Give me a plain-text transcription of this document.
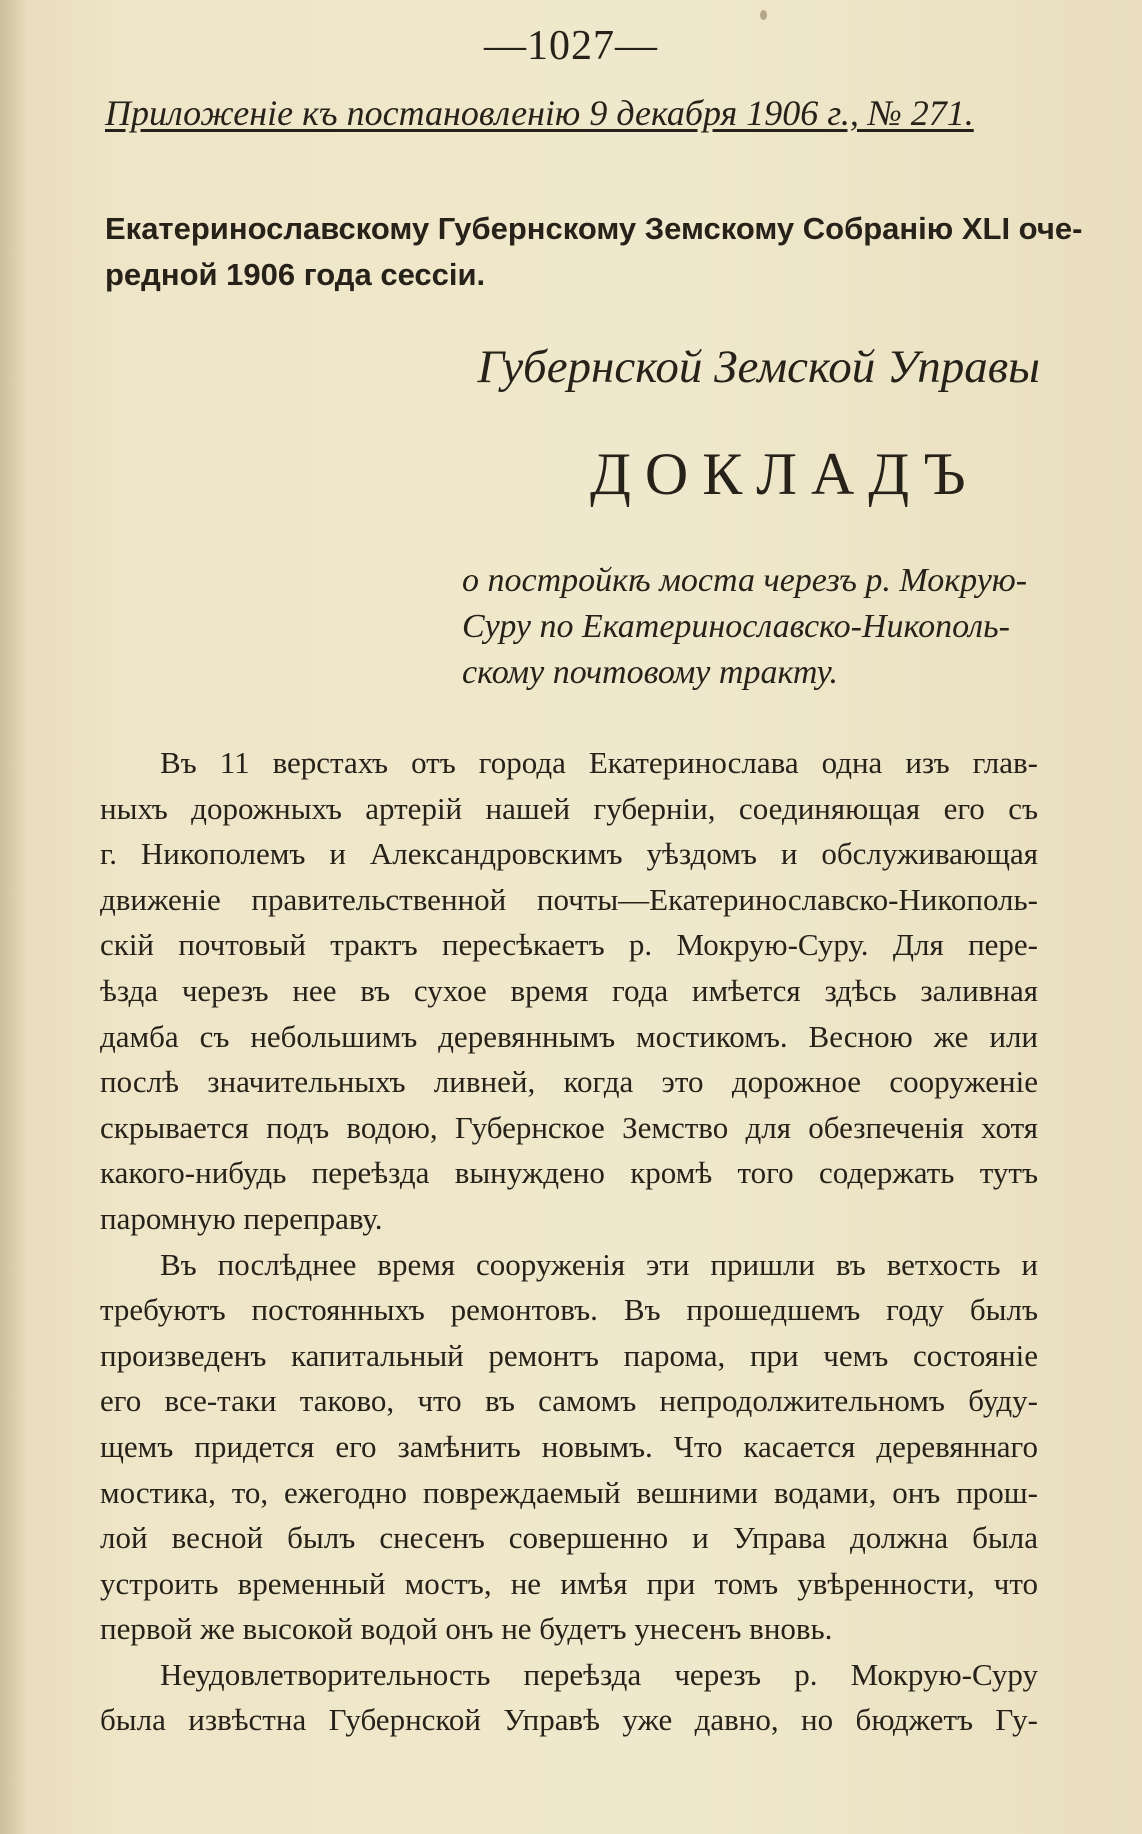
—1027—
Приложеніе къ постановленію 9 декабря 1906 г., № 271.
Екатеринославскому Губернскому Земскому Собранію XLI оче-
редной 1906 года сессіи.
Губернской Земской Управы
ДОКЛАДЪ
о постройкѣ моста черезъ р. Мокрую-
Суру по Екатеринославско-Никополь-
скому почтовому тракту.
Въ 11 верстахъ отъ города Екатеринослава одна изъ глав-
ныхъ дорожныхъ артерій нашей губерніи, соединяющая его съ
г. Никополемъ и Александровскимъ уѣздомъ и обслуживающая
движеніе правительственной почты—Екатеринославско-Никополь-
скій почтовый трактъ пересѣкаетъ р. Мокрую-Суру. Для пере-
ѣзда черезъ нее въ сухое время года имѣется здѣсь заливная
дамба съ небольшимъ деревяннымъ мостикомъ. Весною же или
послѣ значительныхъ ливней, когда это дорожное сооруженіе
скрывается подъ водою, Губернское Земство для обезпеченія хотя
какого-нибудь переѣзда вынуждено кромѣ того содержать тутъ
паромную переправу.
Въ послѣднее время сооруженія эти пришли въ ветхость и
требуютъ постоянныхъ ремонтовъ. Въ прошедшемъ году былъ
произведенъ капитальный ремонтъ парома, при чемъ состояніе
его все-таки таково, что въ самомъ непродолжительномъ буду-
щемъ придется его замѣнить новымъ. Что касается деревяннаго
мостика, то, ежегодно повреждаемый вешними водами, онъ прош-
лой весной былъ снесенъ совершенно и Управа должна была
устроить временный мостъ, не имѣя при томъ увѣренности, что
первой же высокой водой онъ не будетъ унесенъ вновь.
Неудовлетворительность переѣзда черезъ р. Мокрую-Суру
была извѣстна Губернской Управѣ уже давно, но бюджетъ Гу-
